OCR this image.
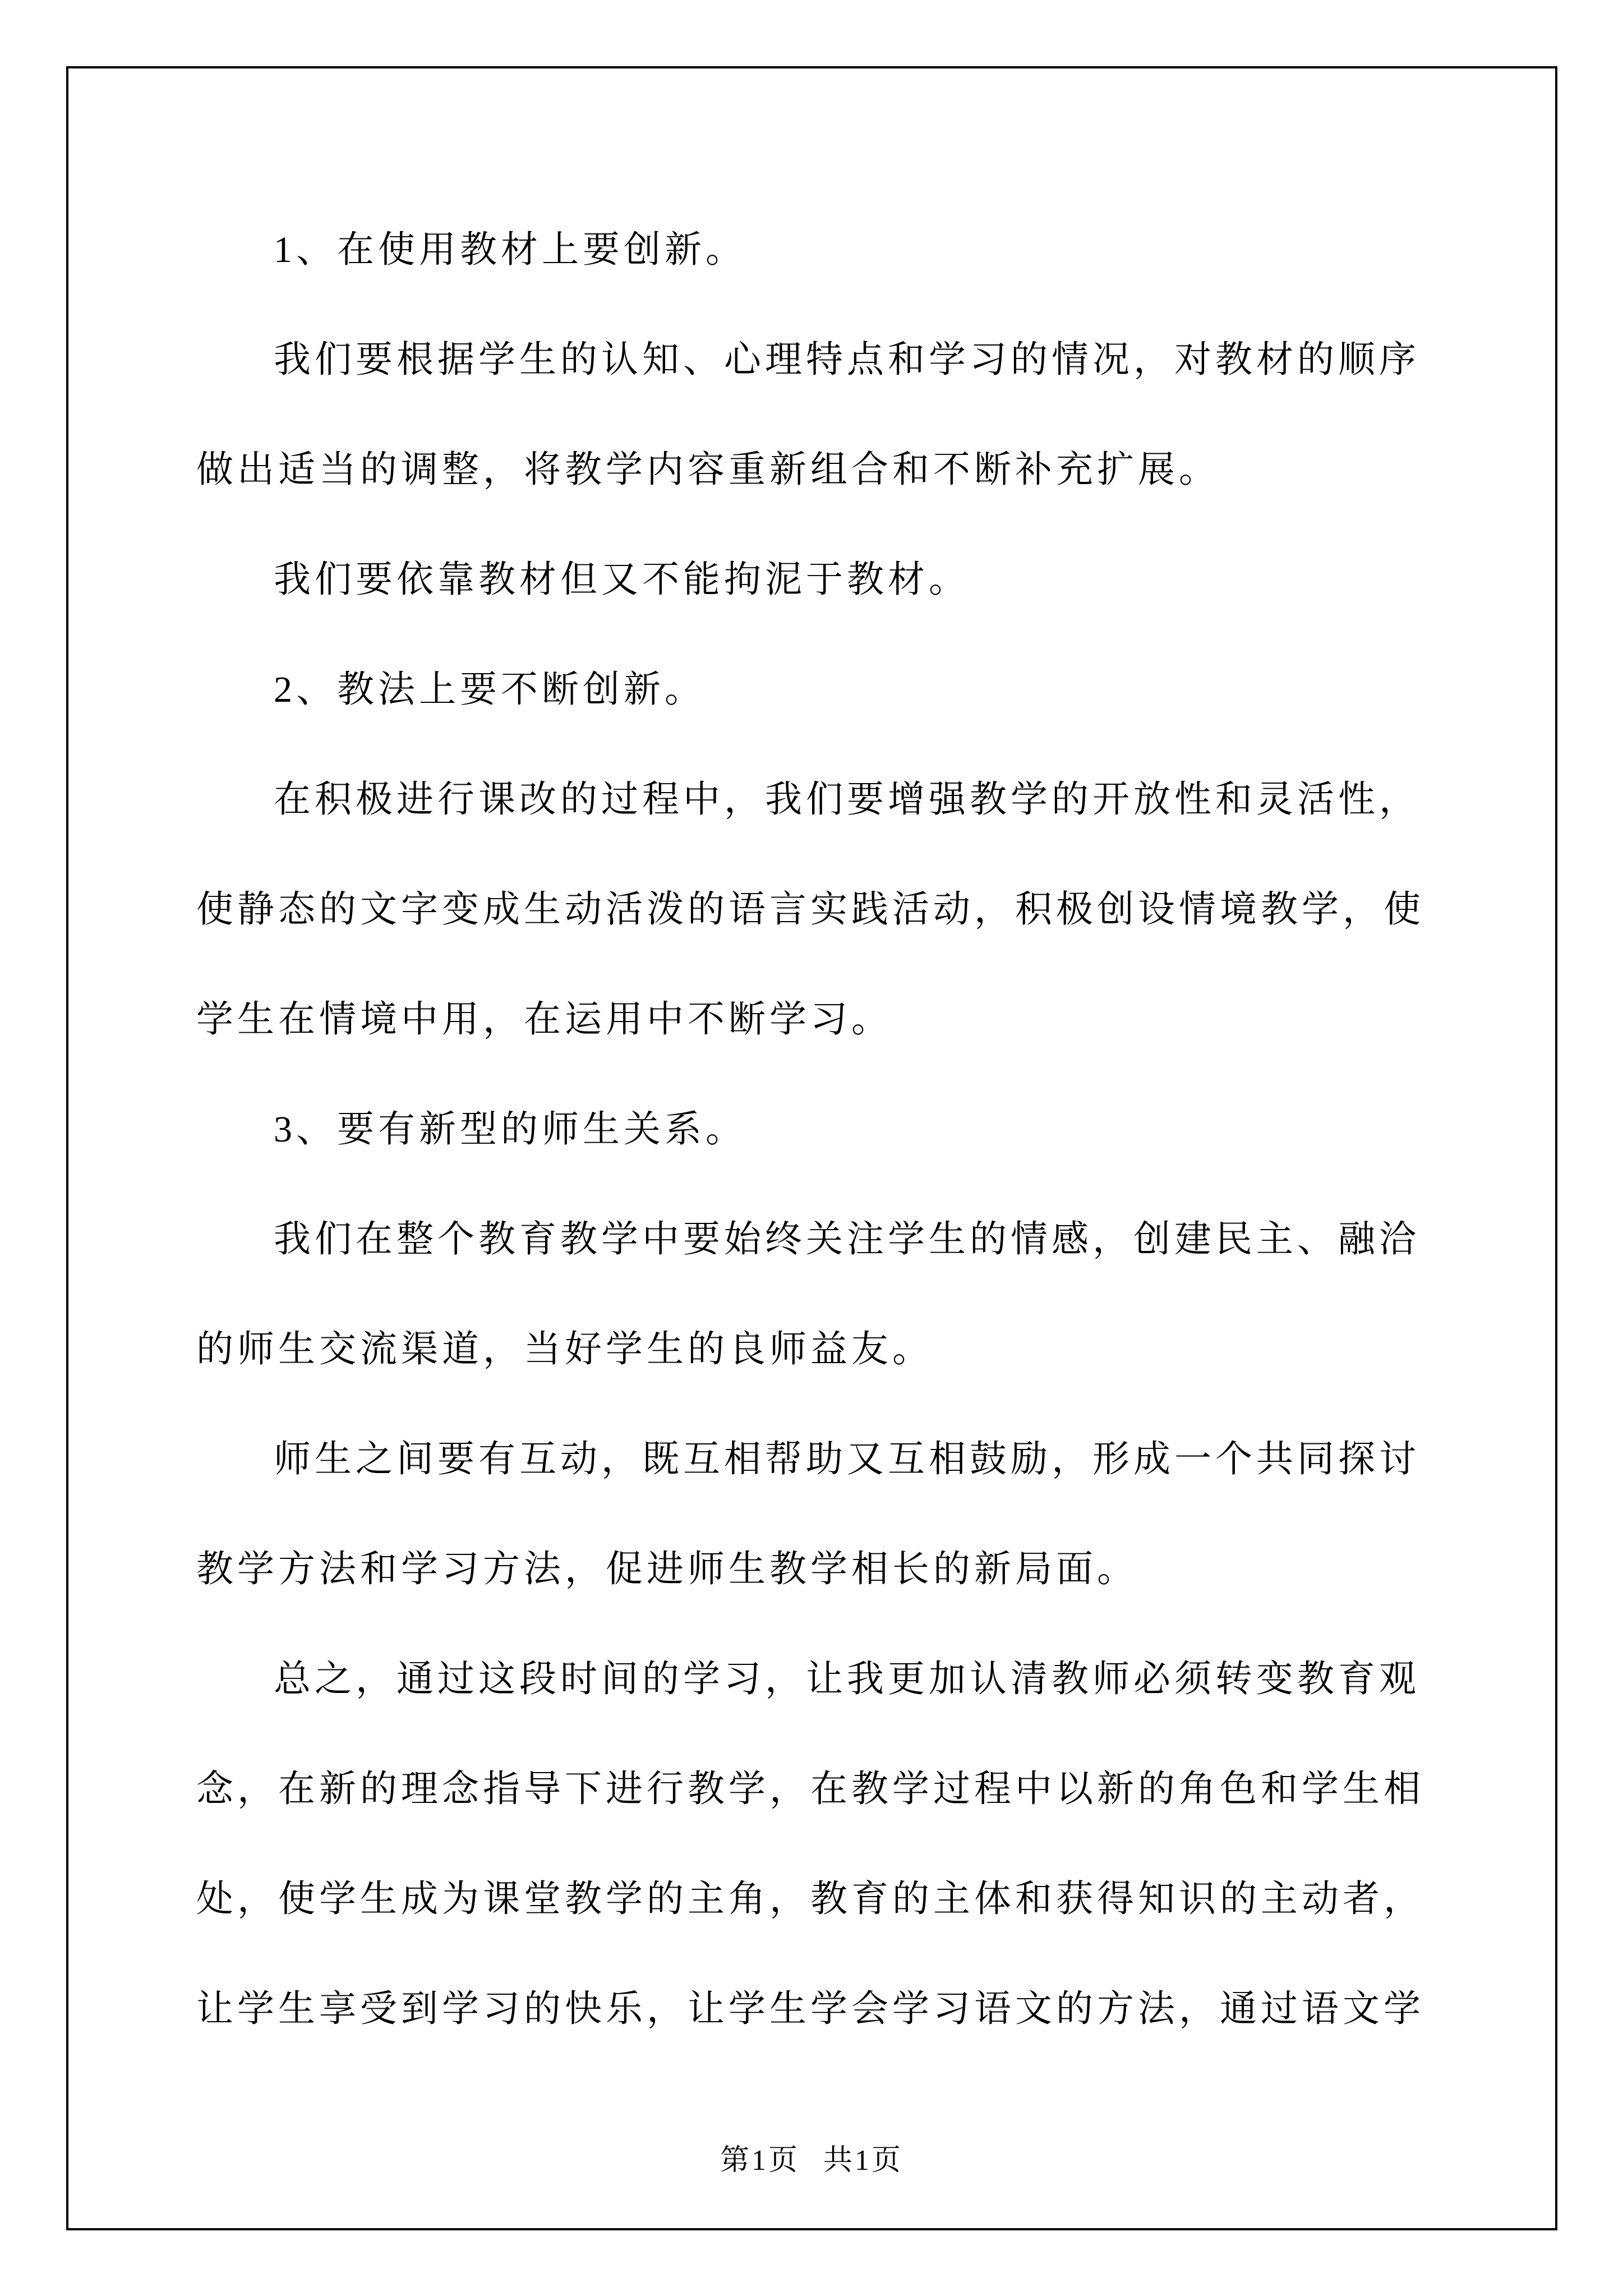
1、在使用教材上要创新。
我们要根据学生的认知、心理特点和学习的情况，对教材的顺序
做出适当的调整，将教学内容重新组合和不断补充扩展。
我们要依靠教材但又不能拘泥于教材。
2、教法上要不断创新。
在积极进行课改的过程中，我们要增强教学的开放性和灵活性，
使静态的文字变成生动活泼的语言实践活动，积极创设情境教学，使
学生在情境中用，在运用中不断学习。
3、要有新型的师生关系。
我们在整个教育教学中要始终关注学生的情感，创建民主、融洽
的师生交流渠道，当好学生的良师益友。
师生之间要有互动，既互相帮助又互相鼓励，形成一个共同探讨
教学方法和学习方法，促进师生教学相长的新局面。
总之，通过这段时间的学习，让我更加认清教师必须转变教育观
念，在新的理念指导下进行教学，在教学过程中以新的角色和学生相
处，使学生成为课堂教学的主角，教育的主体和获得知识的主动者，
让学生享受到学习的快乐，让学生学会学习语文的方法，通过语文学
第1页 共1页
